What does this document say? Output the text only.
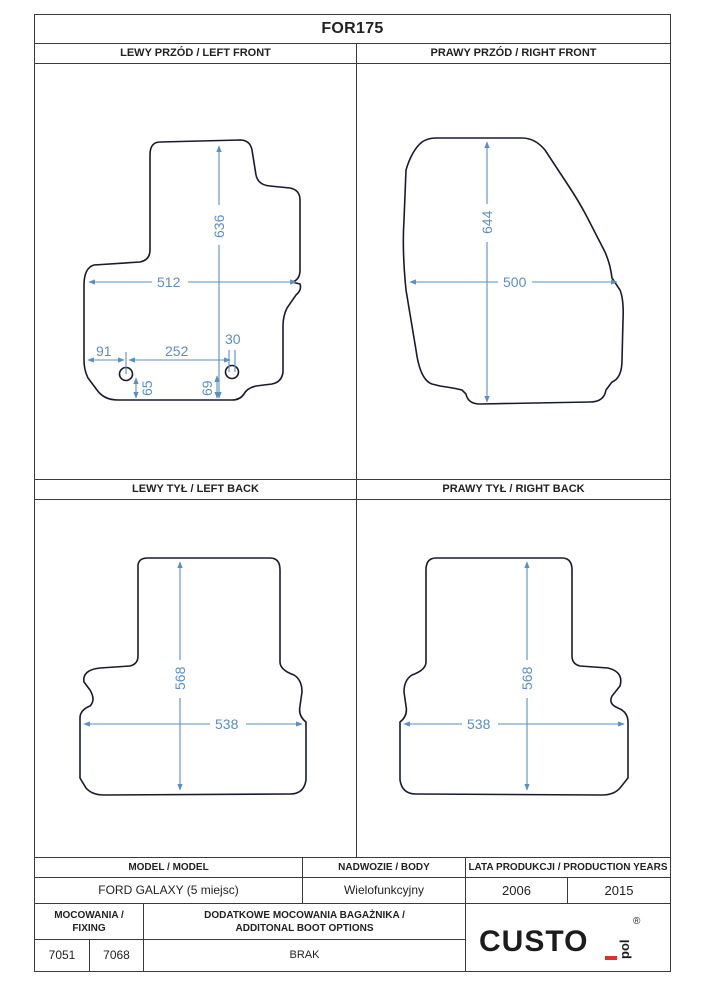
FOR175
LEWY PRZÓD / LEFT FRONT	PRAWY PRZÓD / RIGHT FRONT
LEWY TYŁ / LEFT BACK	PRAWY TYŁ / RIGHT BACK
MODEL / MODEL	NADWOZIE / BODY	LATA PRODUKCJI / PRODUCTION YEARS
FORD GALAXY (5 miejsc)	Wielofunkcyjny	2006	2015
MOCOWANIA /
FIXING
DODATKOWE MOCOWANIA BAGAŻNIKA /
ADDITONAL BOOT OPTIONS
7051	7068	BRAK	CUSTO pol
®
636
512
91	252
30
65	69
644
500
568
538
568
538
